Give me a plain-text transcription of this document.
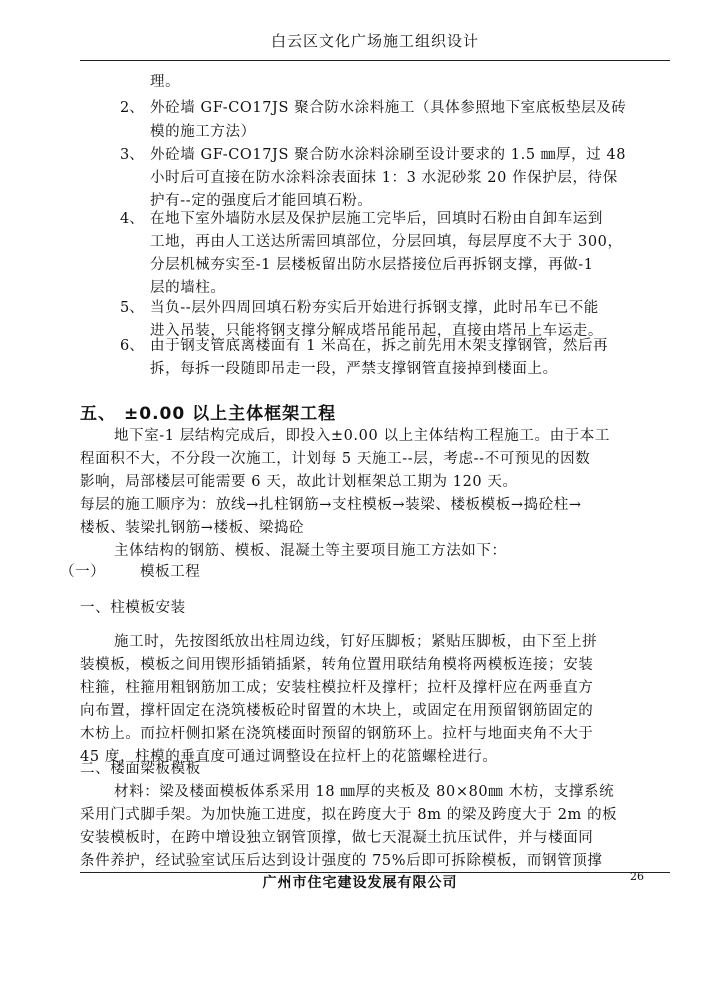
白云区文化广场施工组织设计
理。
2、 外砼墙 GF-CO17JS 聚合防水涂料施工（具体参照地下室底板垫层及砖
模的施工方法）
3、 外砼墙 GF-CO17JS 聚合防水涂料涂刷至设计要求的 1.5 ㎜厚，过 48
小时后可直接在防水涂料涂表面抹 1：3 水泥砂浆 20 作保护层，待保
护有--定的强度后才能回填石粉。
4、 在地下室外墙防水层及保护层施工完毕后，回填时石粉由自卸车运到
工地，再由人工送达所需回填部位，分层回填，每层厚度不大于 300，
分层机械夯实至-1 层楼板留出防水层搭接位后再拆钢支撑，再做-1
层的墙柱。
5、 当负--层外四周回填石粉夯实后开始进行拆钢支撑，此时吊车已不能
进入吊装，只能将钢支撑分解成塔吊能吊起，直接由塔吊上车运走。
6、 由于钢支管底离楼面有 1 米高在，拆之前先用木架支撑钢管，然后再
拆，每拆一段随即吊走一段，严禁支撑钢管直接掉到楼面上。
五、 ±0.00 以上主体框架工程
地下室-1 层结构完成后，即投入±0.00 以上主体结构工程施工。由于本工
程面积不大，不分段一次施工，计划每 5 天施工--层，考虑--不可预见的因数
影响，局部楼层可能需要 6 天，故此计划框架总工期为 120 天。
每层的施工顺序为：放线→扎柱钢筋→支柱模板→装梁、楼板模板→捣砼柱→
楼板、装梁扎钢筋→楼板、梁捣砼
主体结构的钢筋、模板、混凝土等主要项目施工方法如下：
（一） 模板工程
一、柱模板安装
施工时，先按图纸放出柱周边线，钉好压脚板；紧贴压脚板，由下至上拼
装模板，模板之间用锲形插销插紧，转角位置用联结角模将两模板连接；安装
柱箍，柱箍用粗钢筋加工成；安装柱模拉杆及撑杆；拉杆及撑杆应在两垂直方
向布置，撑杆固定在浇筑楼板砼时留置的木块上，或固定在用预留钢筋固定的
木枋上。而拉杆侧扣紧在浇筑楼面时预留的钢筋环上。拉杆与地面夹角不大于
45 度，柱模的垂直度可通过调整设在拉杆上的花篮螺栓进行。
二、楼面梁板模板
材料：梁及楼面模板体系采用 18 ㎜厚的夹板及 80×80㎜ 木枋，支撑系统
采用门式脚手架。为加快施工进度，拟在跨度大于 8m 的梁及跨度大于 2m 的板
安装模板时，在跨中增设独立钢管顶撑，做七天混凝土抗压试件，并与楼面同
广州市住宅建设发展有限公司	26
条件养护，经试验室试压后达到设计强度的 75%后即可拆除模板，而钢管顶撑
